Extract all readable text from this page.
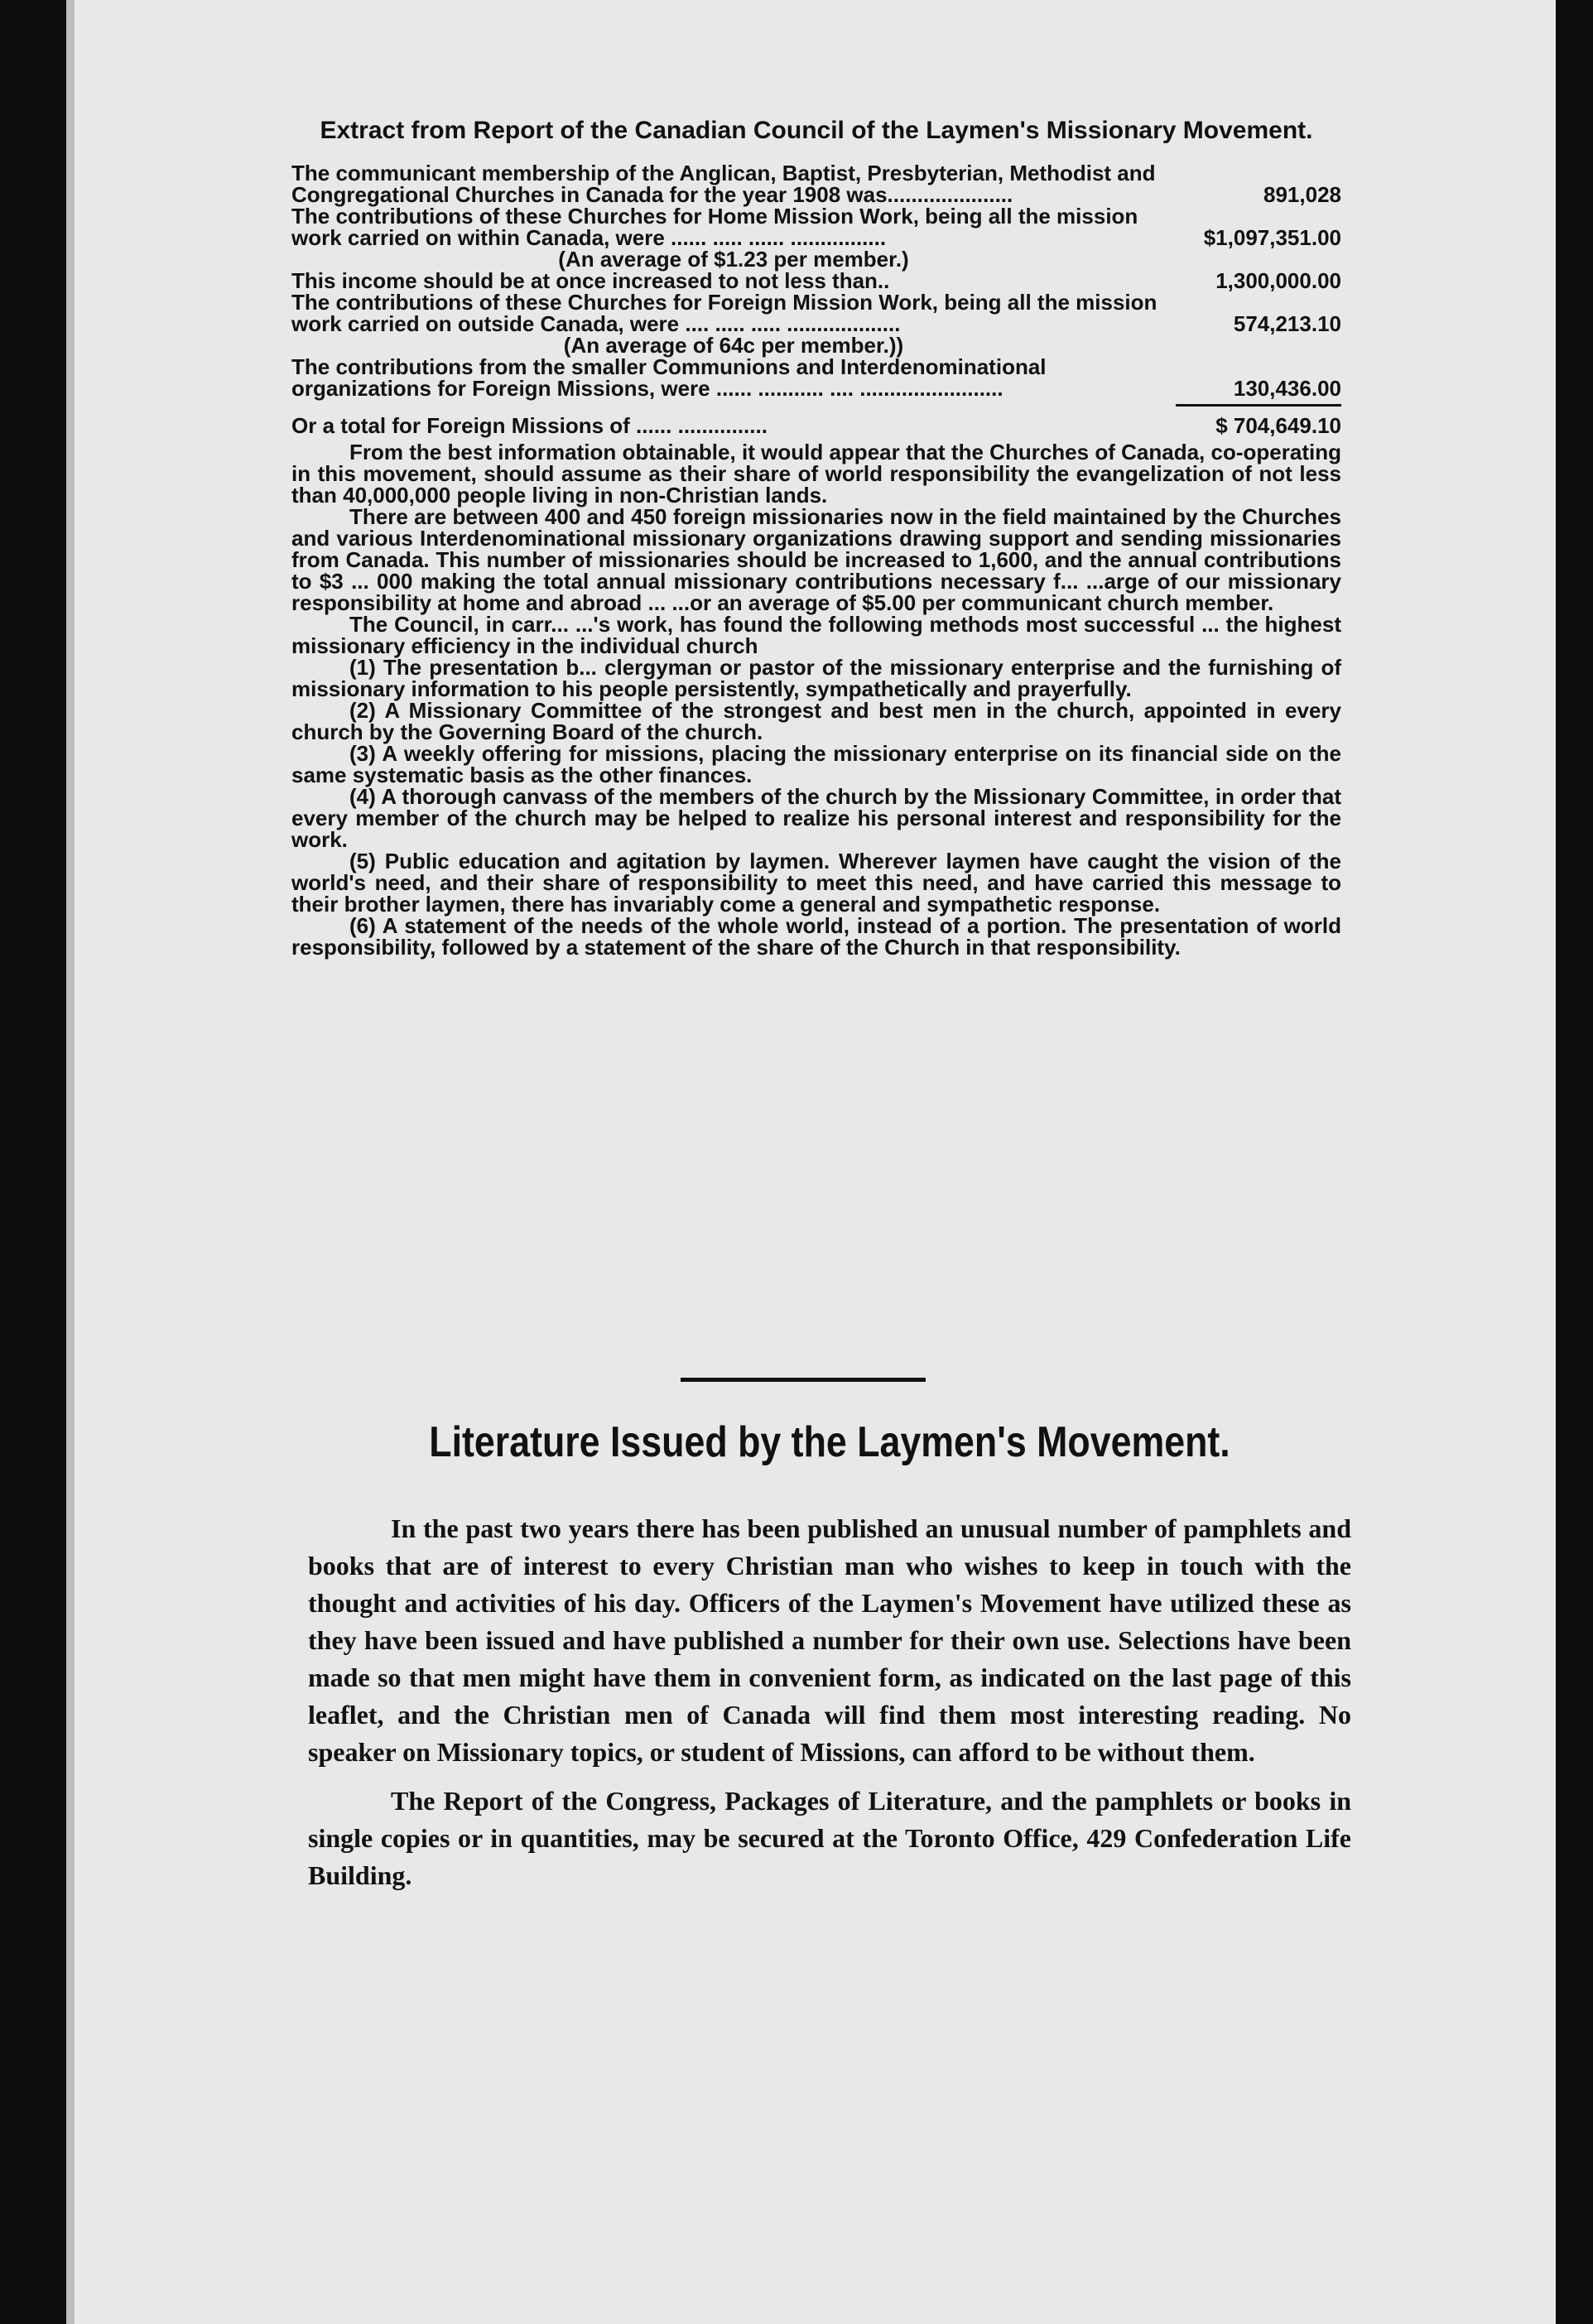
Extract from Report of the Canadian Council of the Laymen's Missionary Movement.
The communicant membership of the Anglican, Baptist, Presbyterian, Methodist and Congregational Churches in Canada for the year 1908 was.....................	891,028
The contributions of these Churches for Home Mission Work, being all the mission work carried on within Canada, were ...... ..... ...... ................	$1,097,351.00
(An average of $1.23 per member.)
This income should be at once increased to not less than..	1,300,000.00
The contributions of these Churches for Foreign Mission Work, being all the mission work carried on outside Canada, were .... ..... ..... ...................	574,213.10
(An average of 64c per member.))
The contributions from the smaller Communions and Interdenominational organizations for Foreign Missions, were ...... ........... .... ........................	130,436.00
Or a total for Foreign Missions of ...... ...............	$ 704,649.10

From the best information obtainable, it would appear that the Churches of Canada, co-operating in this movement, should assume as their share of world responsibility the evangelization of not less than 40,000,000 people living in non-Christian lands.

There are between 400 and 450 foreign missionaries now in the field maintained by the Churches and various Interdenominational missionary organizations drawing support and sending missionaries from Canada. This number of missionaries should be increased to 1,600, and the annual contributions to $3 ... 000 making the total annual missionary contributions necessary f... ...arge of our missionary responsibility at home and abroad ... ...or an average of $5.00 per communicant church member.

The Council, in carr... ...'s work, has found the following methods most successful ... the highest missionary efficiency in the individual church

(1) The presentation b... clergyman or pastor of the missionary enterprise and the furnishing of missionary information to his people persistently, sympathetically and prayerfully.

(2) A Missionary Committee of the strongest and best men in the church, appointed in every church by the Governing Board of the church.

(3) A weekly offering for missions, placing the missionary enterprise on its financial side on the same systematic basis as the other finances.

(4) A thorough canvass of the members of the church by the Missionary Committee, in order that every member of the church may be helped to realize his personal interest and responsibility for the work.

(5) Public education and agitation by laymen. Wherever laymen have caught the vision of the world's need, and their share of responsibility to meet this need, and have carried this message to their brother laymen, there has invariably come a general and sympathetic response.

(6) A statement of the needs of the whole world, instead of a portion. The presentation of world responsibility, followed by a statement of the share of the Church in that responsibility.

Literature Issued by the Laymen's Movement.

In the past two years there has been published an unusual number of pamphlets and books that are of interest to every Christian man who wishes to keep in touch with the thought and activities of his day. Officers of the Laymen's Movement have utilized these as they have been issued and have published a number for their own use. Selections have been made so that men might have them in convenient form, as indicated on the last page of this leaflet, and the Christian men of Canada will find them most interesting reading. No speaker on Missionary topics, or student of Missions, can afford to be without them.

The Report of the Congress, Packages of Literature, and the pamphlets or books in single copies or in quantities, may be secured at the Toronto Office, 429 Confederation Life Building.
